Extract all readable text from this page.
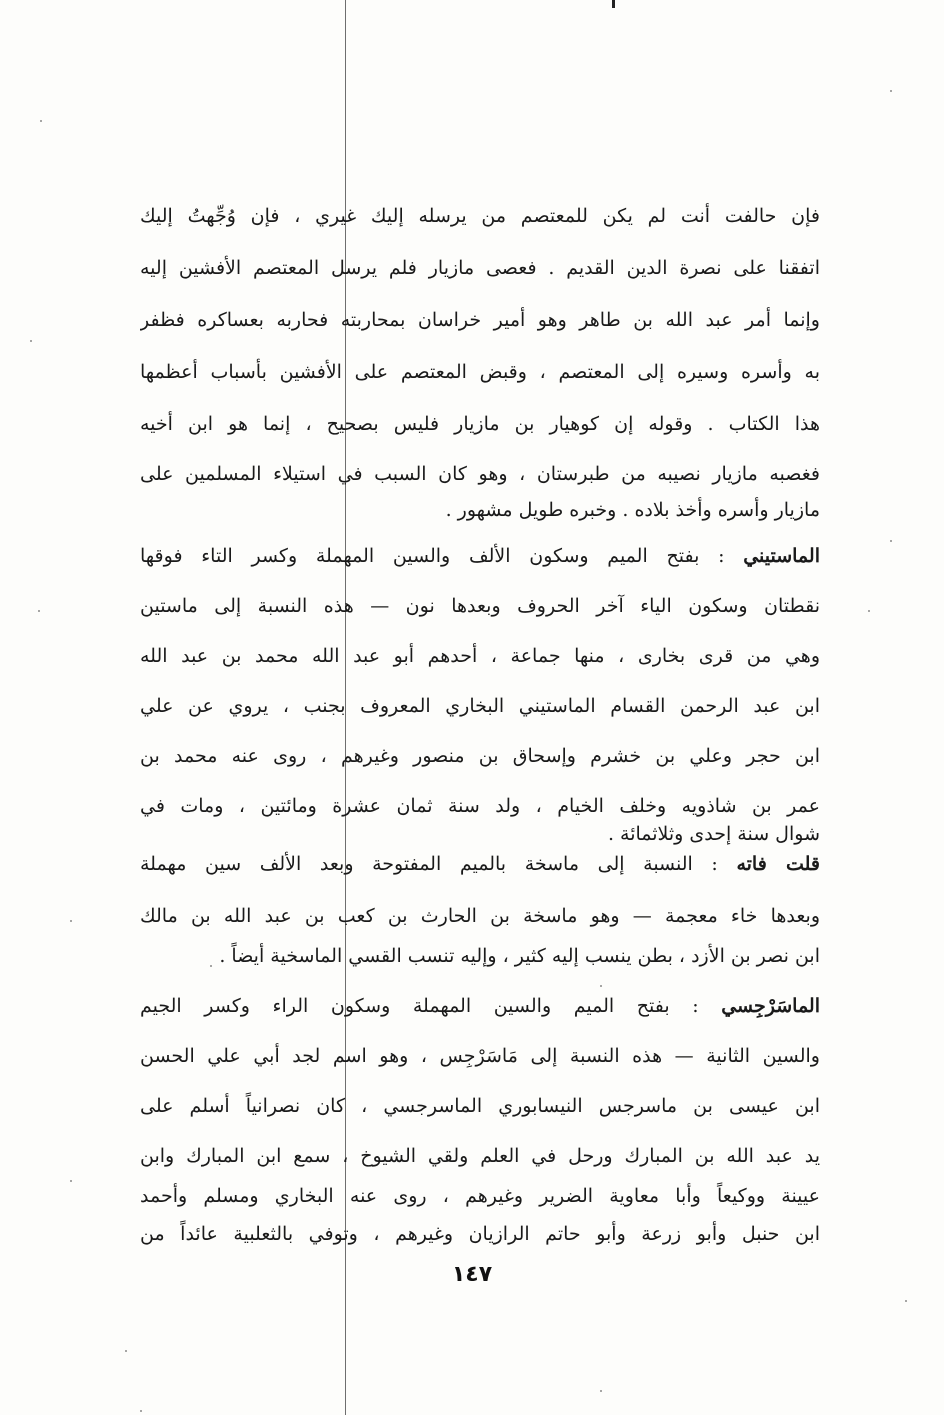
فإن حالفت أنت لم يكن للمعتصم من يرسله إليك غيري ، فإن وُجِّهتُ إليك
اتفقنا على نصرة الدين القديم . فعصى مازيار فلم يرسل المعتصم الأفشين إليه
وإنما أمر عبد الله بن طاهر وهو أمير خراسان بمحاربته فحاربه بعساكره فظفر
به وأسره وسيره إلى المعتصم ، وقبض المعتصم على الأفشين بأسباب أعظمها
هذا الكتاب . وقوله إن كوهيار بن مازيار فليس بصحيح ، إنما هو ابن أخيه
فغصبه مازيار نصيبه من طبرستان ، وهو كان السبب في استيلاء المسلمين على
مازيار وأسره وأخذ بلاده . وخبره طويل مشهور .
الماستيني : بفتح الميم وسكون الألف والسين المهملة وكسر التاء فوقها
نقطتان وسكون الياء آخر الحروف وبعدها نون — هذه النسبة إلى ماستين
وهي من قرى بخارى ، منها جماعة ، أحدهم أبو عبد الله محمد بن عبد الله
ابن عبد الرحمن القسام الماستيني البخاري المعروف بجنب ، يروي عن علي
ابن حجر وعلي بن خشرم وإسحاق بن منصور وغيرهم ، روى عنه محمد بن
عمر بن شاذويه وخلف الخيام ، ولد سنة ثمان عشرة ومائتين ، ومات في
شوال سنة إحدى وثلاثمائة .
قلت فاته : النسبة إلى ماسخة بالميم المفتوحة وبعد الألف سين مهملة
وبعدها خاء معجمة — وهو ماسخة بن الحارث بن كعب بن عبد الله بن مالك
ابن نصر بن الأزد ، بطن ينسب إليه كثير ، وإليه تنسب القسي الماسخية أيضاً .
الماسَرْجِسي : بفتح الميم والسين المهملة وسكون الراء وكسر الجيم
والسين الثانية — هذه النسبة إلى مَاسَرْجِس ، وهو اسم لجد أبي علي الحسن
ابن عيسى بن ماسرجس النيسابوري الماسرجسي ، كان نصرانياً أسلم على
يد عبد الله بن المبارك ورحل في العلم ولقي الشيوخ ، سمع ابن المبارك وابن
عيينة ووكيعاً وأبا معاوية الضرير وغيرهم ، روى عنه البخاري ومسلم وأحمد
ابن حنبل وأبو زرعة وأبو حاتم الرازيان وغيرهم ، وتوفي بالثعلبية عائداً من
١٤٧
